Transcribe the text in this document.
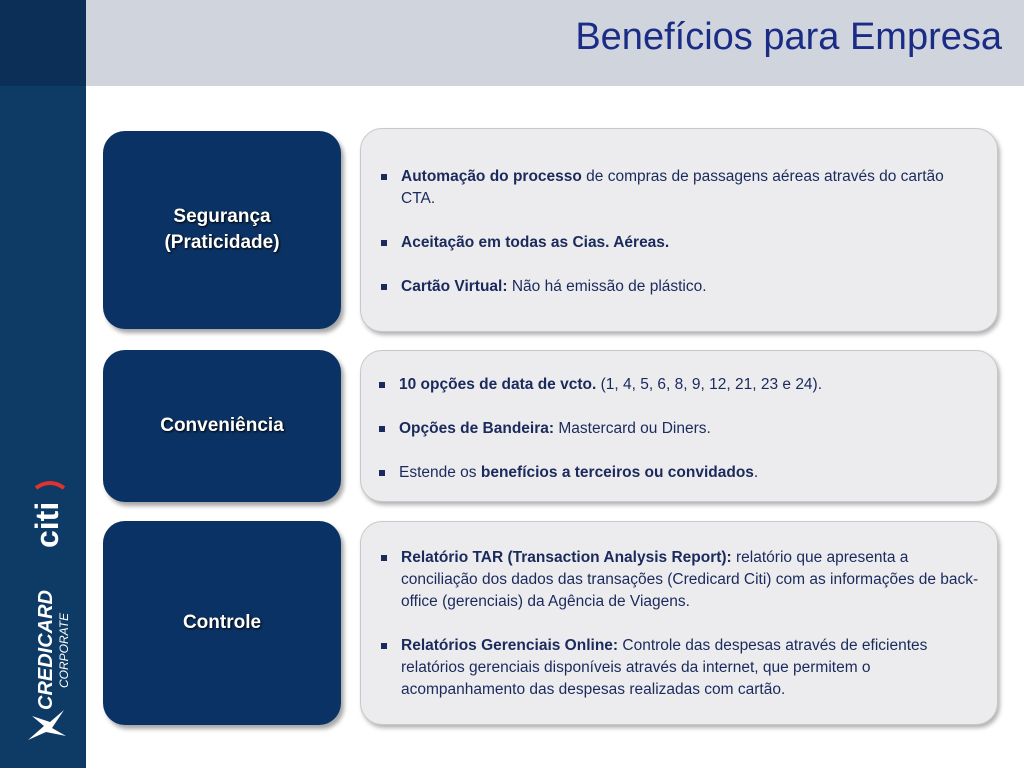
citi
CREDICARD CORPORATE
Benefícios para Empresa
Segurança
(Praticidade)
Automação do processo de compras de passagens aéreas através do cartão CTA.
Aceitação em todas as Cias. Aéreas.
Cartão Virtual: Não há emissão de plástico.
Conveniência
10 opções de data de vcto. (1, 4, 5, 6, 8, 9, 12, 21, 23 e 24).
Opções de Bandeira: Mastercard ou Diners.
Estende os benefícios a terceiros ou convidados.
Controle
Relatório TAR (Transaction Analysis Report): relatório que apresenta a conciliação dos dados das transações (Credicard Citi) com as informações de back-office (gerenciais) da Agência de Viagens.
Relatórios Gerenciais Online: Controle das despesas através de eficientes relatórios gerenciais disponíveis através da internet, que permitem o acompanhamento das despesas realizadas com cartão.
